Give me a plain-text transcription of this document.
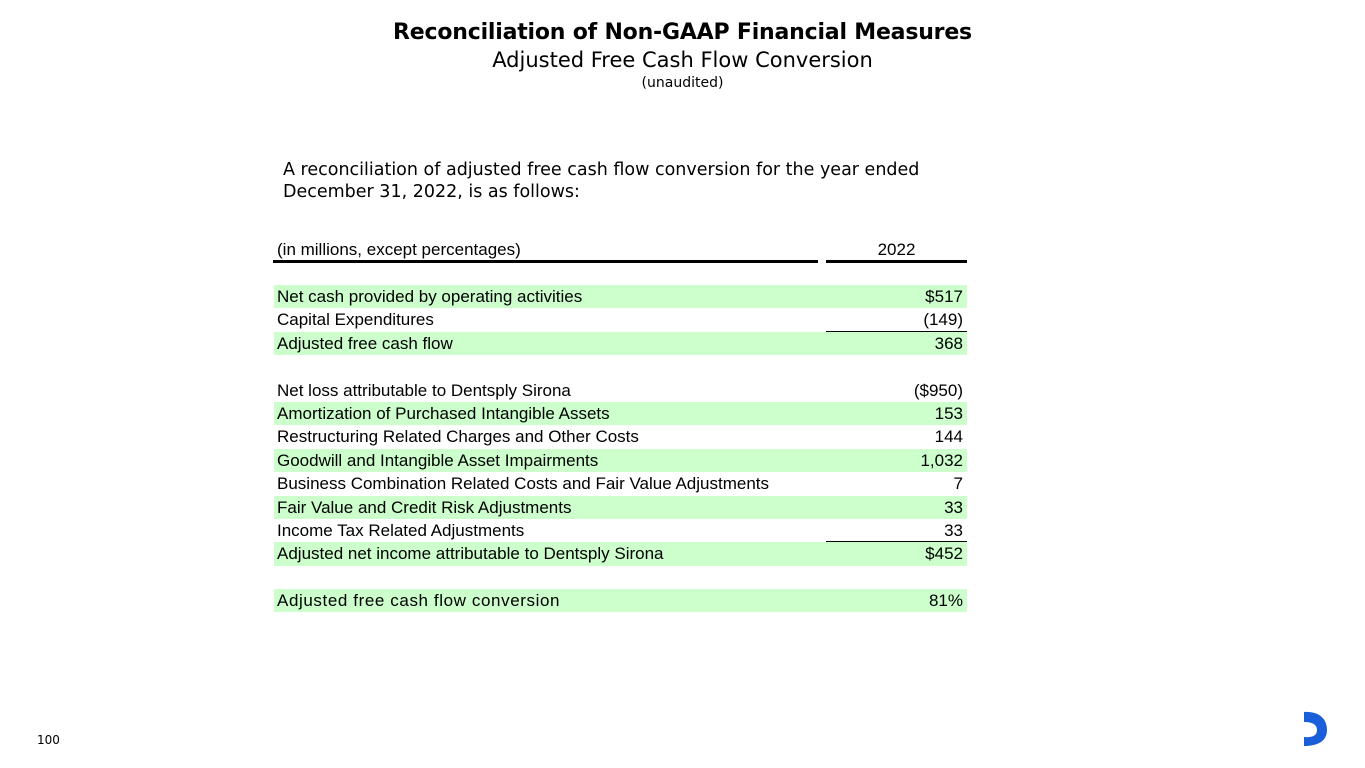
Reconciliation of Non-GAAP Financial Measures
Adjusted Free Cash Flow Conversion
(unaudited)
A reconciliation of adjusted free cash flow conversion for the year ended December 31, 2022, is as follows:
(in millions, except percentages)	2022
Net cash provided by operating activities	$517
Capital Expenditures	(149)
Adjusted free cash flow	368
Net loss attributable to Dentsply Sirona	($950)
Amortization of Purchased Intangible Assets	153
Restructuring Related Charges and Other Costs	144
Goodwill and Intangible Asset Impairments	1,032
Business Combination Related Costs and Fair Value Adjustments	7
Fair Value and Credit Risk Adjustments	33
Income Tax Related Adjustments	33
Adjusted net income attributable to Dentsply Sirona	$452
Adjusted free cash flow conversion	81%
100
